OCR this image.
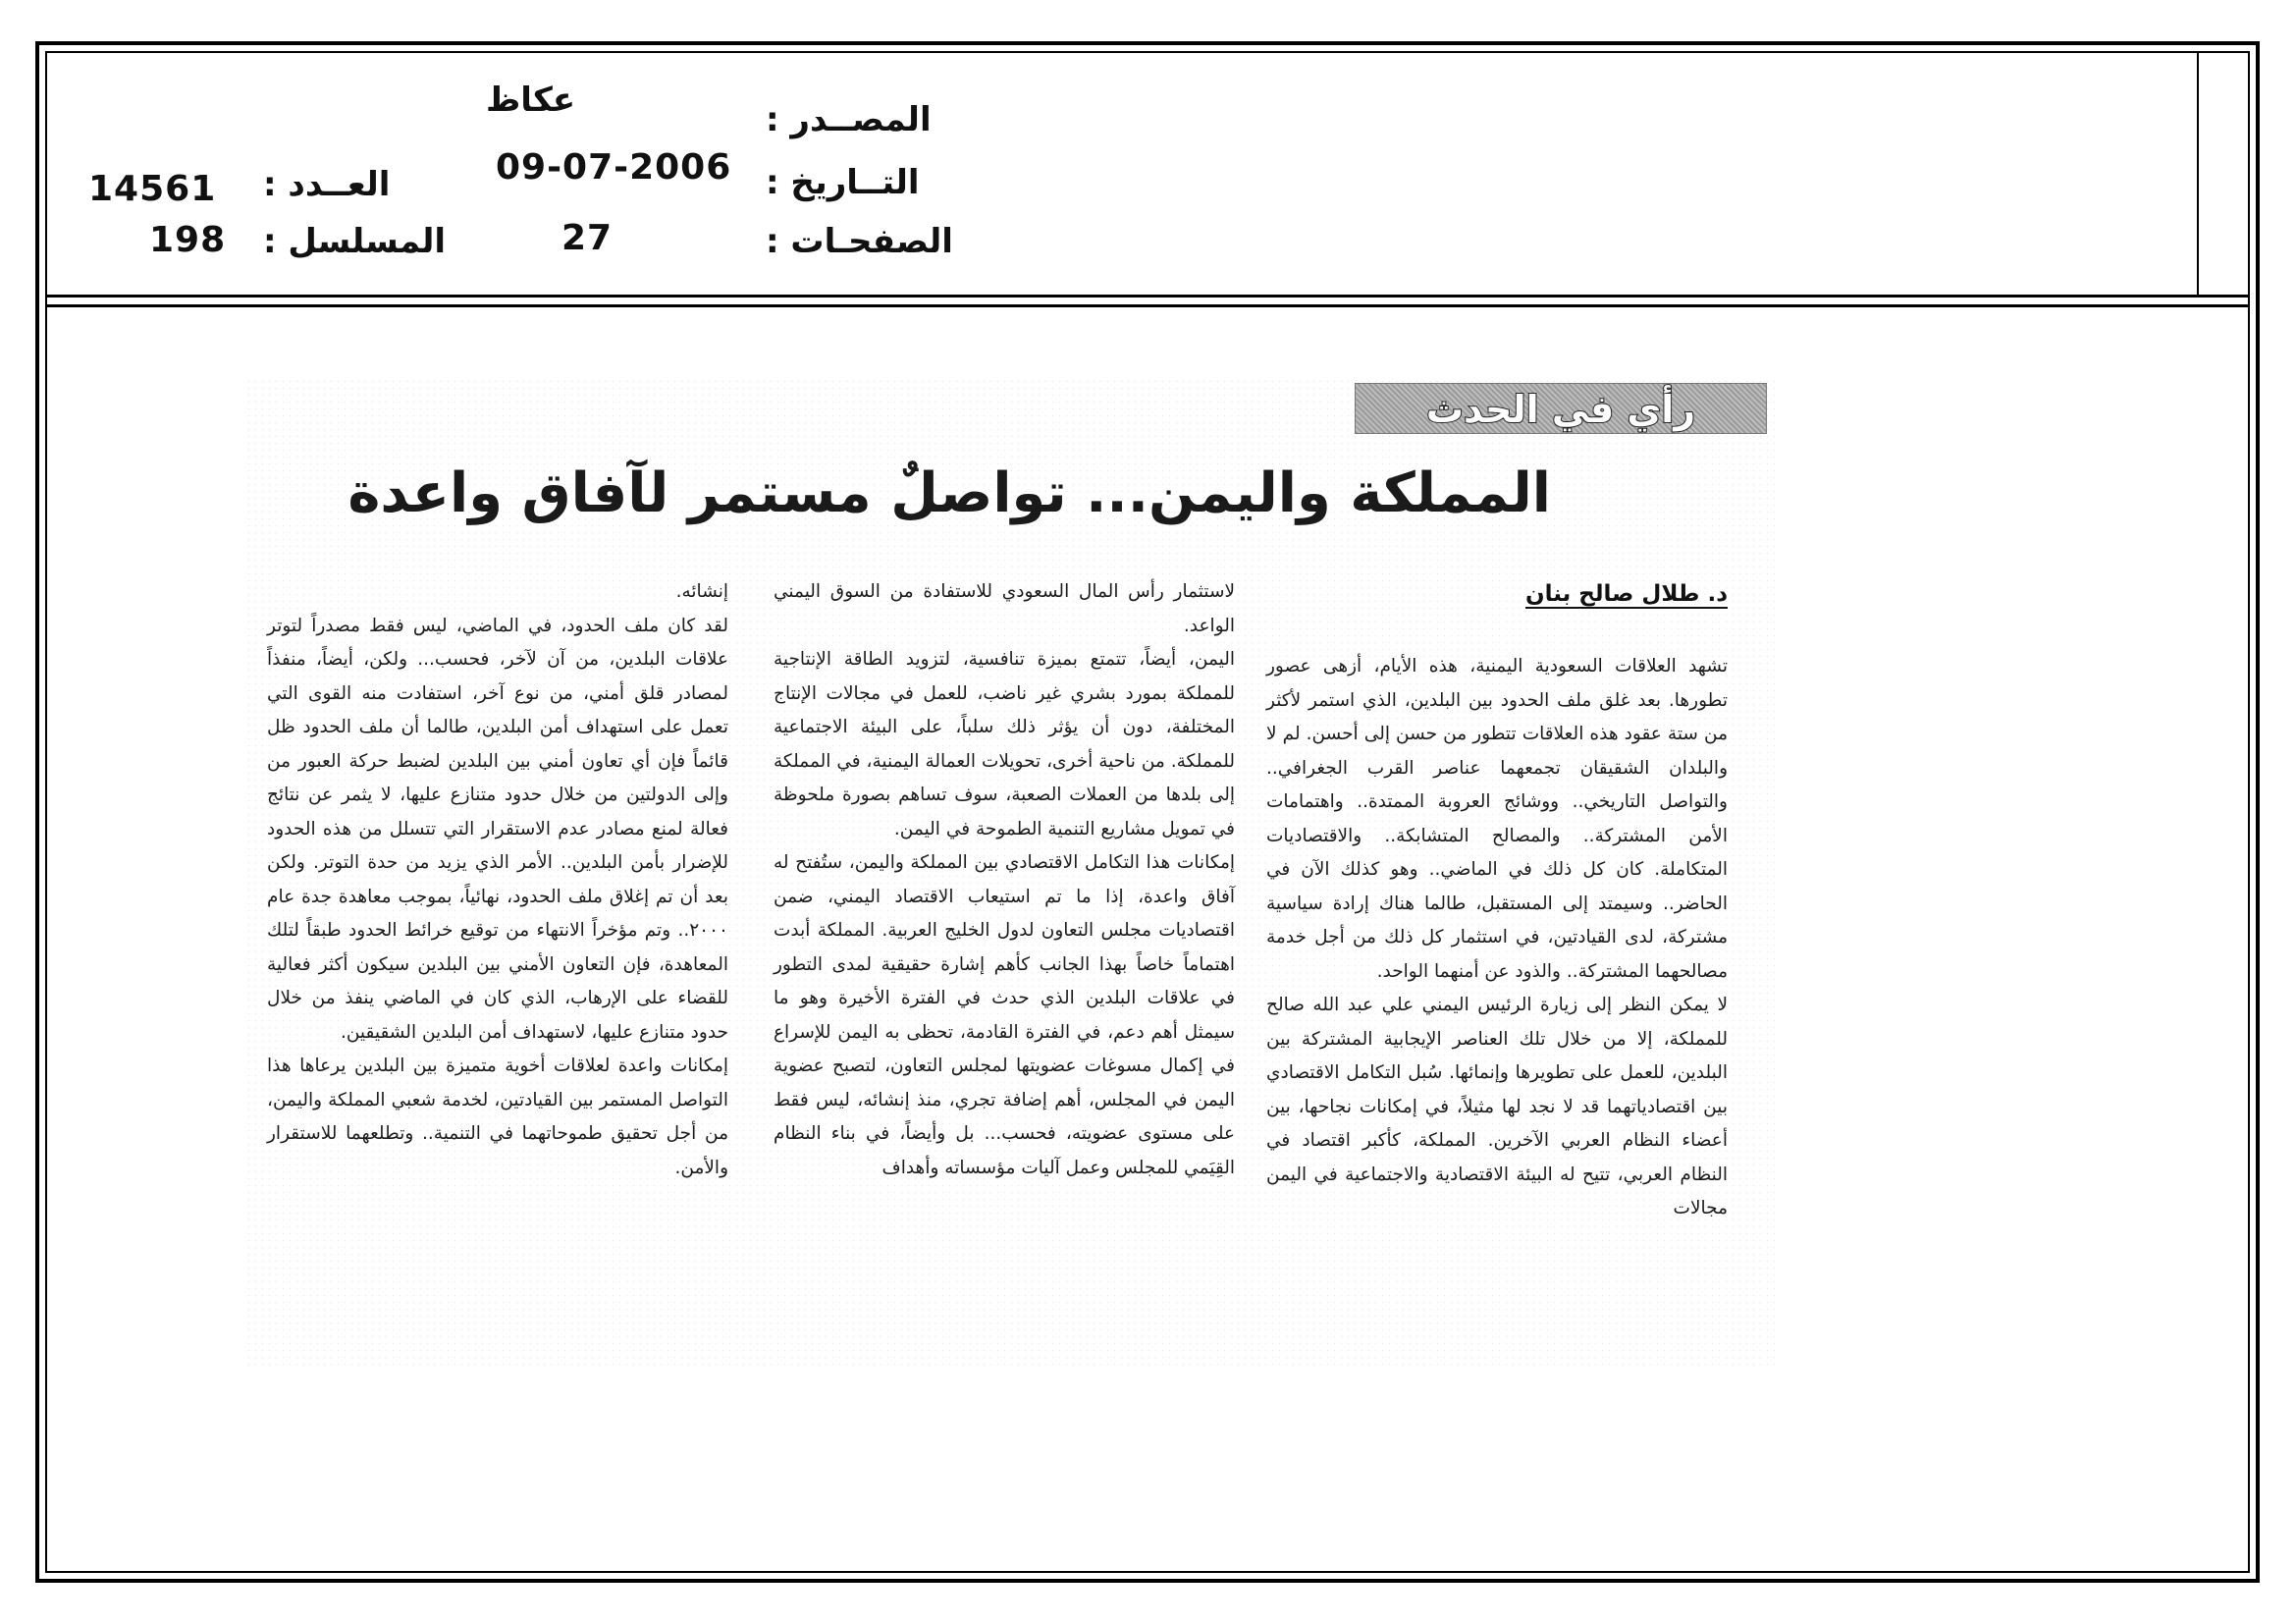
المصــدر :
عكاظ
التــاريخ :
09-07-2006
الصفحـات :
27
العــدد :
14561
المسلسل :
198
رأي في الحدث
المملكة واليمن... تواصلٌ مستمر لآفاق واعدة
د. طلال صالح بنان

تشهد العلاقات السعودية اليمنية، هذه الأيام، أزهى عصور تطورها. بعد غلق ملف الحدود بين البلدين، الذي استمر لأكثر من ستة عقود هذه العلاقات تتطور من حسن إلى أحسن. لم لا والبلدان الشقيقان تجمعهما عناصر القرب الجغرافي.. والتواصل التاريخي.. ووشائج العروبة الممتدة.. واهتمامات الأمن المشتركة.. والمصالح المتشابكة.. والاقتصاديات المتكاملة. كان كل ذلك في الماضي.. وهو كذلك الآن في الحاضر.. وسيمتد إلى المستقبل، طالما هناك إرادة سياسية مشتركة، لدى القيادتين، في استثمار كل ذلك من أجل خدمة مصالحهما المشتركة.. والذود عن أمنهما الواحد.

لا يمكن النظر إلى زيارة الرئيس اليمني علي عبد الله صالح للمملكة، إلا من خلال تلك العناصر الإيجابية المشتركة بين البلدين، للعمل على تطويرها وإنمائها. سُبل التكامل الاقتصادي بين اقتصادياتهما قد لا نجد لها مثيلاً، في إمكانات نجاحها، بين أعضاء النظام العربي الآخرين. المملكة، كأكبر اقتصاد في النظام العربي، تتيح له البيئة الاقتصادية والاجتماعية في اليمن مجالات

لاستثمار رأس المال السعودي للاستفادة من السوق اليمني الواعد.

اليمن، أيضاً، تتمتع بميزة تنافسية، لتزويد الطاقة الإنتاجية للمملكة بمورد بشري غير ناضب، للعمل في مجالات الإنتاج المختلفة، دون أن يؤثر ذلك سلباً، على البيئة الاجتماعية للمملكة. من ناحية أخرى، تحويلات العمالة اليمنية، في المملكة إلى بلدها من العملات الصعبة، سوف تساهم بصورة ملحوظة في تمويل مشاريع التنمية الطموحة في اليمن.

إمكانات هذا التكامل الاقتصادي بين المملكة واليمن، ستُفتح له آفاق واعدة، إذا ما تم استيعاب الاقتصاد اليمني، ضمن اقتصاديات مجلس التعاون لدول الخليج العربية. المملكة أبدت اهتماماً خاصاً بهذا الجانب كأهم إشارة حقيقية لمدى التطور في علاقات البلدين الذي حدث في الفترة الأخيرة وهو ما سيمثل أهم دعم، في الفترة القادمة، تحظى به اليمن للإسراع في إكمال مسوغات عضويتها لمجلس التعاون، لتصبح عضوية اليمن في المجلس، أهم إضافة تجري، منذ إنشائه، ليس فقط على مستوى عضويته، فحسب... بل وأيضاً، في بناء النظام القِيَمي للمجلس وعمل آليات مؤسساته وأهداف

إنشائه.

لقد كان ملف الحدود، في الماضي، ليس فقط مصدراً لتوتر علاقات البلدين، من آن لآخر، فحسب... ولكن، أيضاً، منفذاً لمصادر قلق أمني، من نوع آخر، استفادت منه القوى التي تعمل على استهداف أمن البلدين، طالما أن ملف الحدود ظل قائماً فإن أي تعاون أمني بين البلدين لضبط حركة العبور من وإلى الدولتين من خلال حدود متنازع عليها، لا يثمر عن نتائج فعالة لمنع مصادر عدم الاستقرار التي تتسلل من هذه الحدود للإضرار بأمن البلدين.. الأمر الذي يزيد من حدة التوتر. ولكن بعد أن تم إغلاق ملف الحدود، نهائياً، بموجب معاهدة جدة عام ٢٠٠٠.. وتم مؤخراً الانتهاء من توقيع خرائط الحدود طبقاً لتلك المعاهدة، فإن التعاون الأمني بين البلدين سيكون أكثر فعالية للقضاء على الإرهاب، الذي كان في الماضي ينفذ من خلال حدود متنازع عليها، لاستهداف أمن البلدين الشقيقين.

إمكانات واعدة لعلاقات أخوية متميزة بين البلدين يرعاها هذا التواصل المستمر بين القيادتين، لخدمة شعبي المملكة واليمن، من أجل تحقيق طموحاتهما في التنمية.. وتطلعهما للاستقرار والأمن.
